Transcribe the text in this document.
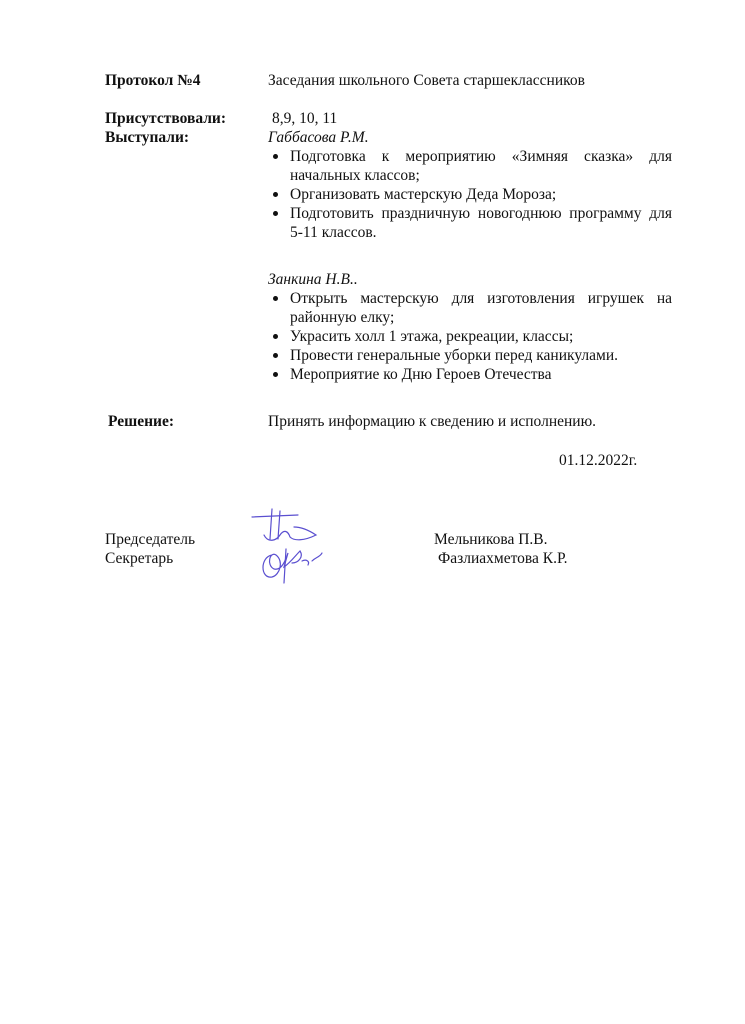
Протокол №4	Заседания школьного Совета старшеклассников
Присутствовали:	8,9, 10, 11
Выступали:	Габбасова Р.М.
Подготовка к мероприятию «Зимняя сказка» для начальных классов;
Организовать мастерскую Деда Мороза;
Подготовить праздничную новогоднюю программу для 5-11 классов.
Занкина Н.В..
Открыть мастерскую для изготовления игрушек на районную елку;
Украсить холл 1 этажа, рекреации, классы;
Провести генеральные уборки перед каникулами.
Мероприятие ко Дню Героев Отечества
Решение:	Принять информацию к сведению и исполнению.
01.12.2022г.
Председатель	Мельникова П.В.
Секретарь	Фазлиахметова К.Р.
